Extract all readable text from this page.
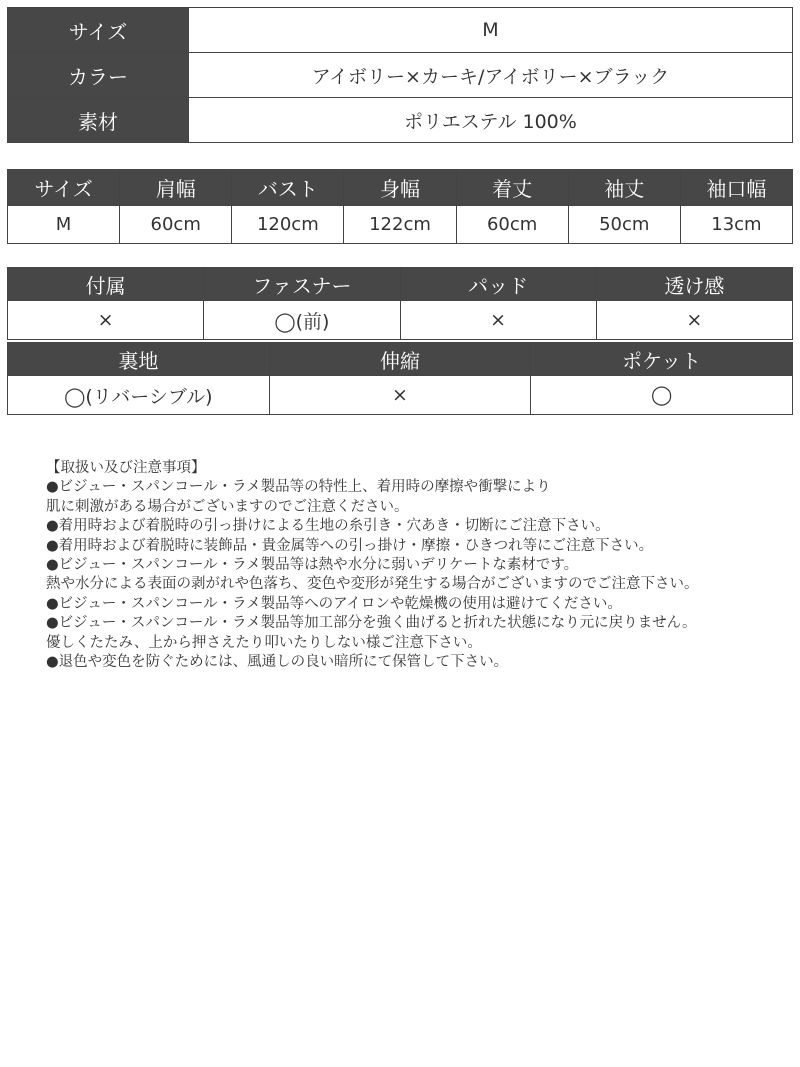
サイズ	M
カラー	アイボリー×カーキ/アイボリー×ブラック
素材	ポリエステル 100%
サイズ	肩幅	バスト	身幅	着丈	袖丈	袖口幅
M	60cm	120cm	122cm	60cm	50cm	13cm
付属	ファスナー	パッド	透け感
×	◯(前)	×	×
裏地	伸縮	ポケット
◯(リバーシブル)	×	◯
【取扱い及び注意事項】
●ビジュー・スパンコール・ラメ製品等の特性上、着用時の摩擦や衝撃により
肌に刺激がある場合がございますのでご注意ください。
●着用時および着脱時の引っ掛けによる生地の糸引き・穴あき・切断にご注意下さい。
●着用時および着脱時に装飾品・貴金属等への引っ掛け・摩擦・ひきつれ等にご注意下さい。
●ビジュー・スパンコール・ラメ製品等は熱や水分に弱いデリケートな素材です。
熱や水分による表面の剥がれや色落ち、変色や変形が発生する場合がございますのでご注意下さい。
●ビジュー・スパンコール・ラメ製品等へのアイロンや乾燥機の使用は避けてください。
●ビジュー・スパンコール・ラメ製品等加工部分を強く曲げると折れた状態になり元に戻りません。
優しくたたみ、上から押さえたり叩いたりしない様ご注意下さい。
●退色や変色を防ぐためには、風通しの良い暗所にて保管して下さい。
